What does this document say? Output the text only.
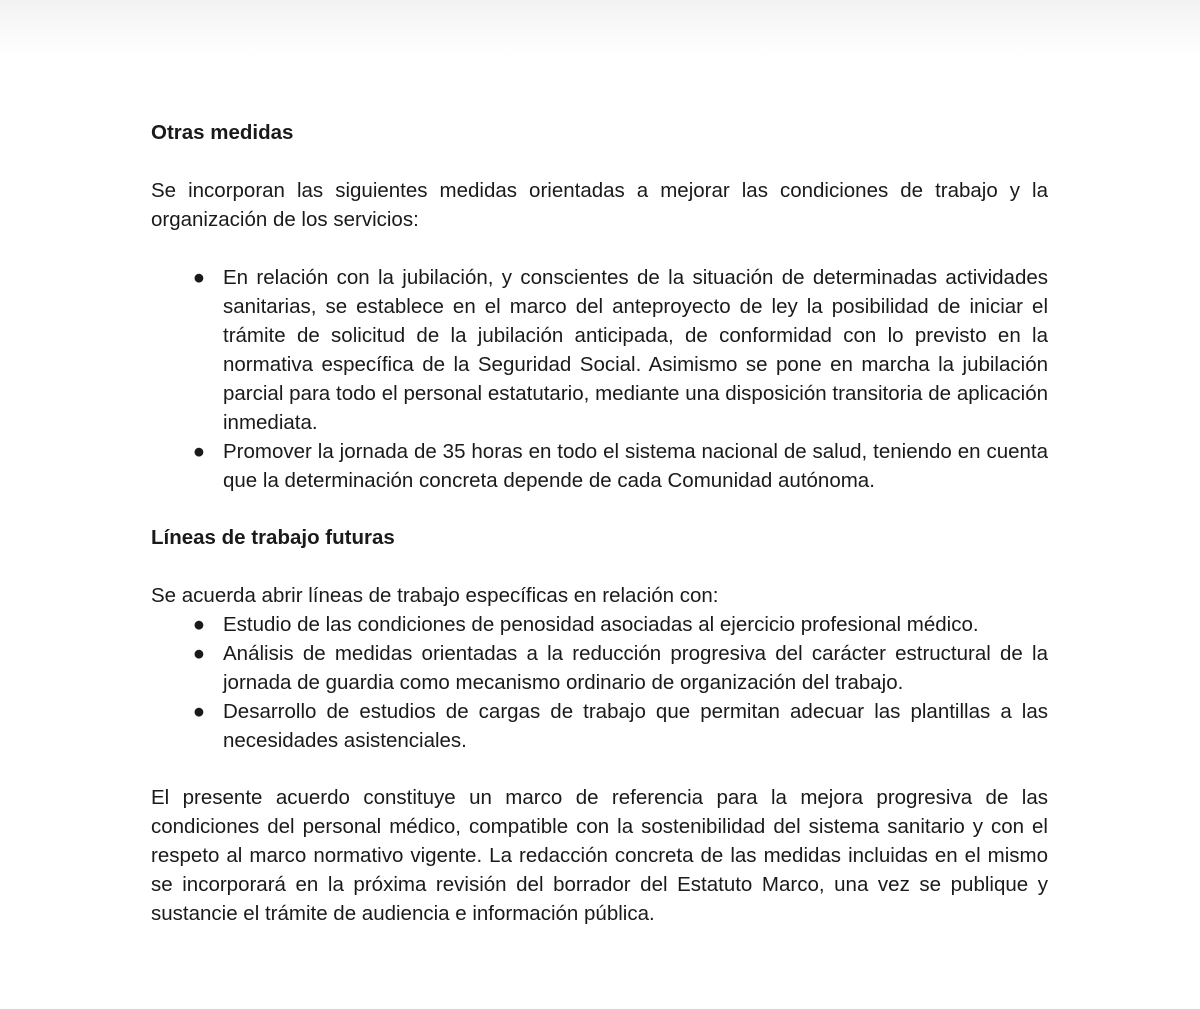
Otras medidas

Se incorporan las siguientes medidas orientadas a mejorar las condiciones de trabajo y la organización de los servicios:

● En relación con la jubilación, y conscientes de la situación de determinadas actividades sanitarias, se establece en el marco del anteproyecto de ley la posibilidad de iniciar el trámite de solicitud de la jubilación anticipada, de conformidad con lo previsto en la normativa específica de la Seguridad Social. Asimismo se pone en marcha la jubilación parcial para todo el personal estatutario, mediante una disposición transitoria de aplicación inmediata.
● Promover la jornada de 35 horas en todo el sistema nacional de salud, teniendo en cuenta que la determinación concreta depende de cada Comunidad autónoma.
Líneas de trabajo futuras

Se acuerda abrir líneas de trabajo específicas en relación con:

● Estudio de las condiciones de penosidad asociadas al ejercicio profesional médico.
● Análisis de medidas orientadas a la reducción progresiva del carácter estructural de la jornada de guardia como mecanismo ordinario de organización del trabajo.
● Desarrollo de estudios de cargas de trabajo que permitan adecuar las plantillas a las necesidades asistenciales.

El presente acuerdo constituye un marco de referencia para la mejora progresiva de las condiciones del personal médico, compatible con la sostenibilidad del sistema sanitario y con el respeto al marco normativo vigente. La redacción concreta de las medidas incluidas en el mismo se incorporará en la próxima revisión del borrador del Estatuto Marco, una vez se publique y sustancie el trámite de audiencia e información pública.
